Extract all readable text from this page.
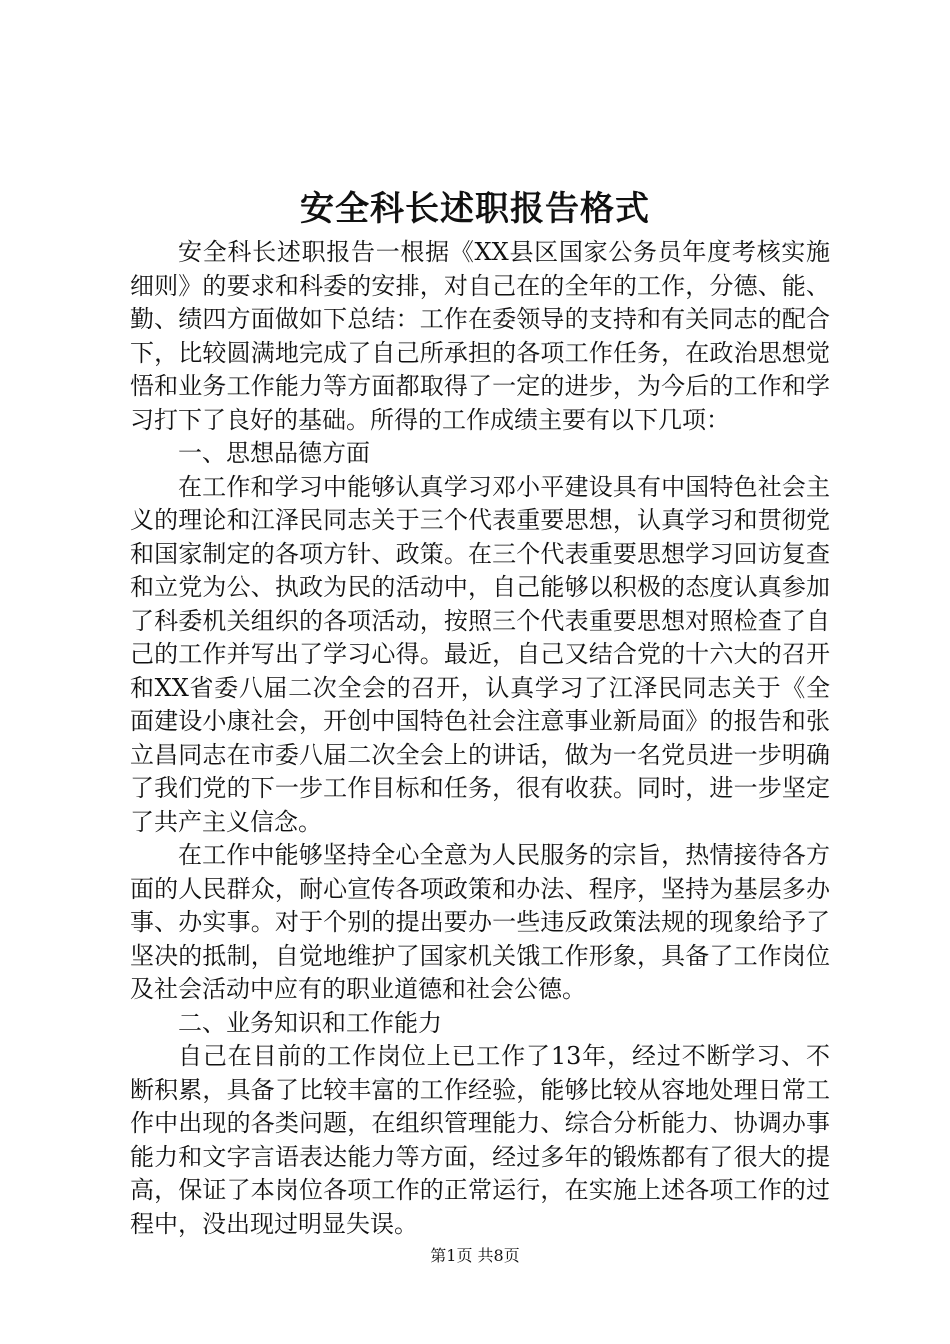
安全科长述职报告格式

安全科长述职报告一根据《XX县区国家公务员年度考核实施细则》的要求和科委的安排，对自己在的全年的工作，分德、能、勤、绩四方面做如下总结：工作在委领导的支持和有关同志的配合下，比较圆满地完成了自己所承担的各项工作任务，在政治思想觉悟和业务工作能力等方面都取得了一定的进步，为今后的工作和学习打下了良好的基础。所得的工作成绩主要有以下几项：

一、思想品德方面

在工作和学习中能够认真学习邓小平建设具有中国特色社会主义的理论和江泽民同志关于三个代表重要思想，认真学习和贯彻党和国家制定的各项方针、政策。在三个代表重要思想学习回访复查和立党为公、执政为民的活动中，自己能够以积极的态度认真参加了科委机关组织的各项活动，按照三个代表重要思想对照检查了自己的工作并写出了学习心得。最近，自己又结合党的十六大的召开和XX省委八届二次全会的召开，认真学习了江泽民同志关于《全面建设小康社会，开创中国特色社会注意事业新局面》的报告和张立昌同志在市委八届二次全会上的讲话，做为一名党员进一步明确了我们党的下一步工作目标和任务，很有收获。同时，进一步坚定了共产主义信念。

在工作中能够坚持全心全意为人民服务的宗旨，热情接待各方面的人民群众，耐心宣传各项政策和办法、程序，坚持为基层多办事、办实事。对于个别的提出要办一些违反政策法规的现象给予了坚决的抵制，自觉地维护了国家机关饿工作形象，具备了工作岗位及社会活动中应有的职业道德和社会公德。

二、业务知识和工作能力

自己在目前的工作岗位上已工作了13年，经过不断学习、不断积累，具备了比较丰富的工作经验，能够比较从容地处理日常工作中出现的各类问题，在组织管理能力、综合分析能力、协调办事能力和文字言语表达能力等方面，经过多年的锻炼都有了很大的提高，保证了本岗位各项工作的正常运行，在实施上述各项工作的过程中，没出现过明显失误。

第1页 共8页
